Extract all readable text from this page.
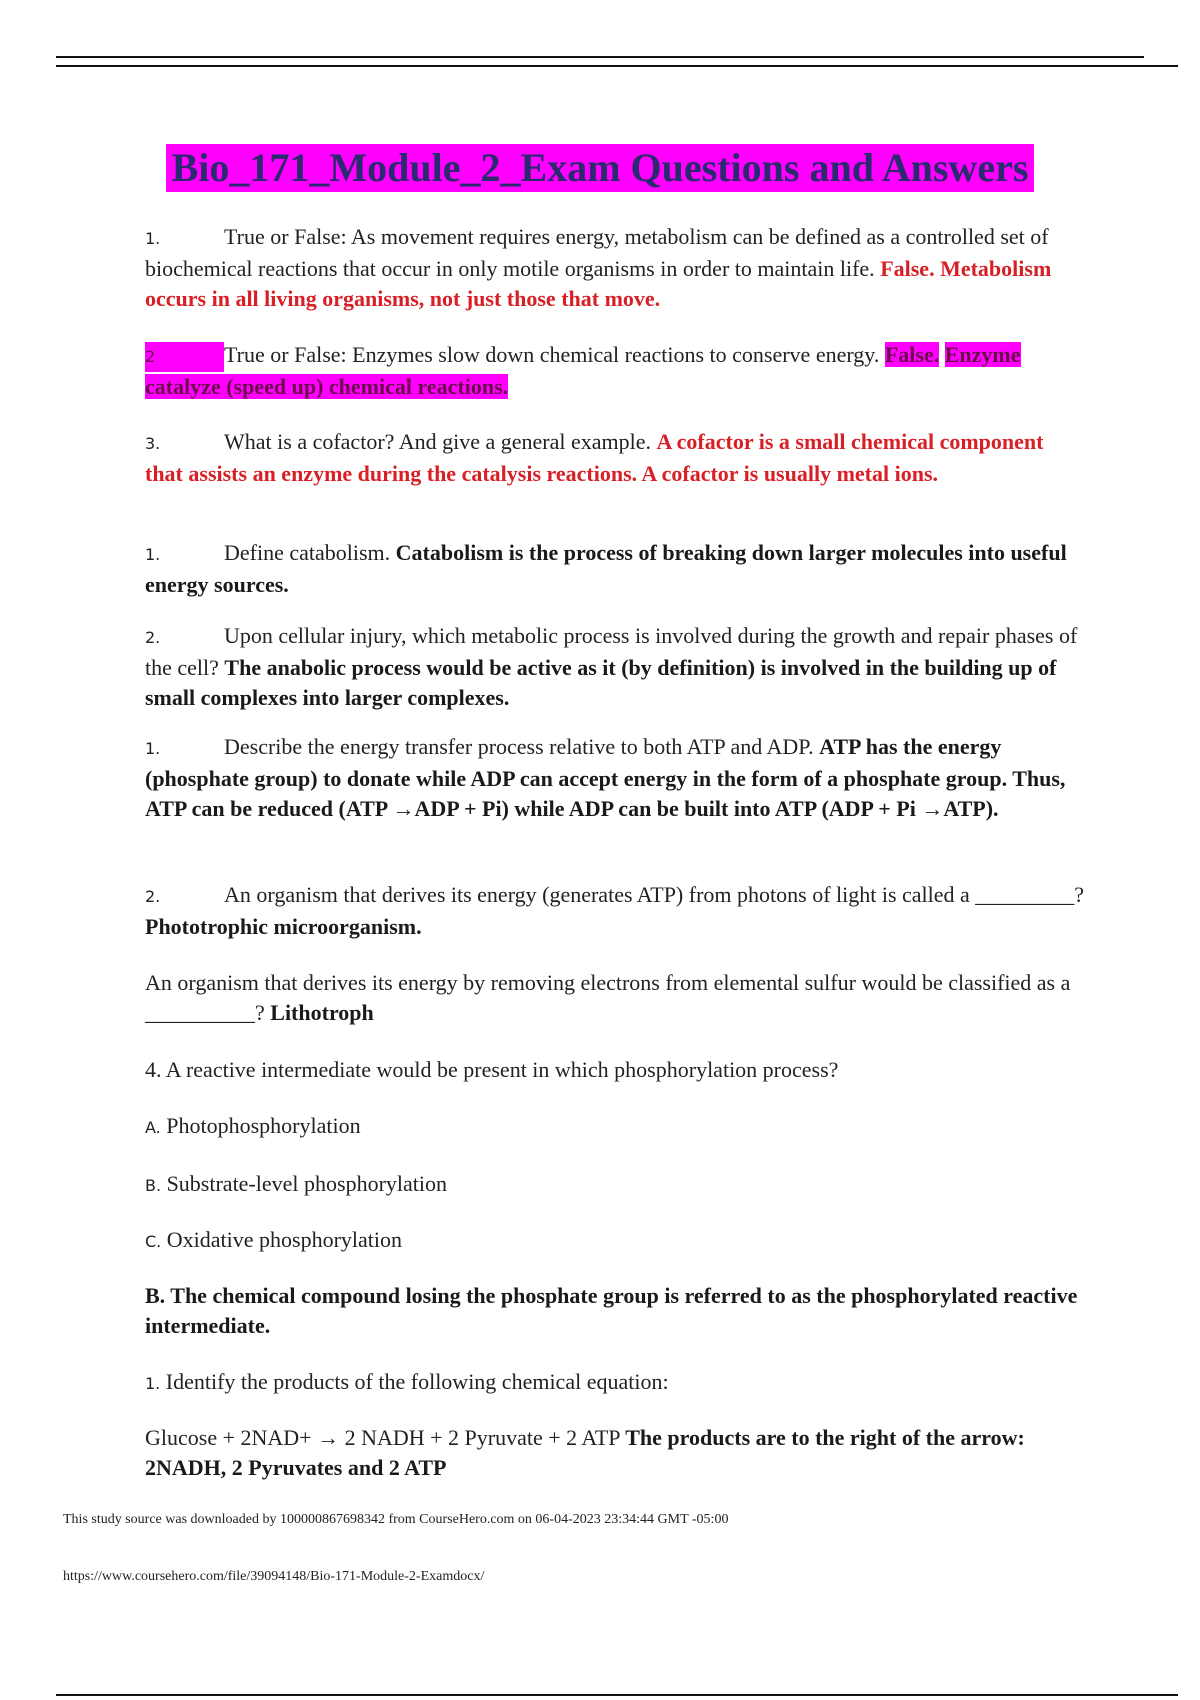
Bio_171_Module_2_Exam Questions and Answers

1.	True or False: As movement requires energy, metabolism can be defined as a controlled set of biochemical reactions that occur in only motile organisms in order to maintain life. False. Metabolism occurs in all living organisms, not just those that move.

2	True or False: Enzymes slow down chemical reactions to conserve energy. False. Enzyme catalyze (speed up) chemical reactions.

3.	What is a cofactor? And give a general example. A cofactor is a small chemical component that assists an enzyme during the catalysis reactions. A cofactor is usually metal ions.

1.	Define catabolism. Catabolism is the process of breaking down larger molecules into useful energy sources.

2.	Upon cellular injury, which metabolic process is involved during the growth and repair phases of the cell? The anabolic process would be active as it (by definition) is involved in the building up of small complexes into larger complexes.

1.	Describe the energy transfer process relative to both ATP and ADP. ATP has the energy (phosphate group) to donate while ADP can accept energy in the form of a phosphate group. Thus, ATP can be reduced (ATP →ADP + Pi) while ADP can be built into ATP (ADP + Pi →ATP).

2.	An organism that derives its energy (generates ATP) from photons of light is called a _________? Phototrophic microorganism.

An organism that derives its energy by removing electrons from elemental sulfur would be classified as a __________? Lithotroph

4. A reactive intermediate would be present in which phosphorylation process?

A. Photophosphorylation

B. Substrate-level phosphorylation

C. Oxidative phosphorylation

B. The chemical compound losing the phosphate group is referred to as the phosphorylated reactive intermediate.

1. Identify the products of the following chemical equation:

Glucose + 2NAD+ → 2 NADH + 2 Pyruvate + 2 ATP The products are to the right of the arrow: 2NADH, 2 Pyruvates and 2 ATP

This study source was downloaded by 100000867698342 from CourseHero.com on 06-04-2023 23:34:44 GMT -05:00
https://www.coursehero.com/file/39094148/Bio-171-Module-2-Examdocx/
